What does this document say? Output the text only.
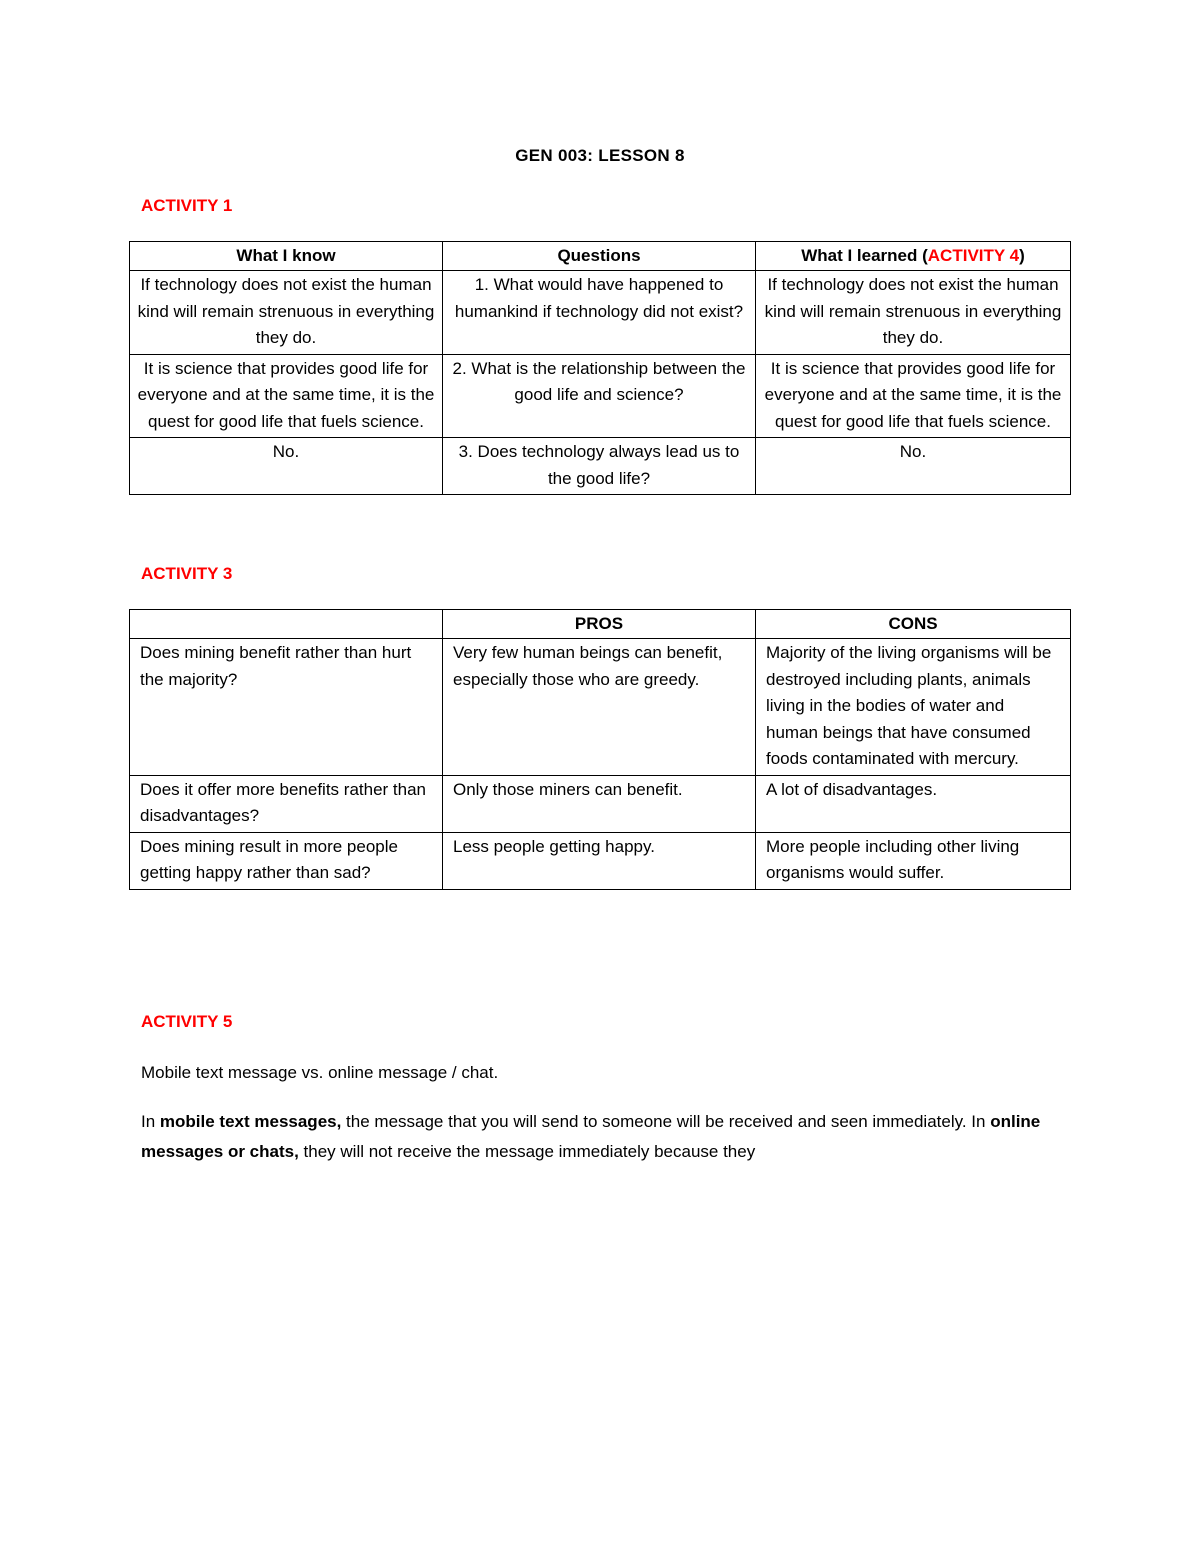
GEN 003: LESSON 8
ACTIVITY 1
What I know	Questions	What I learned (ACTIVITY 4)
If technology does not exist the human kind will remain strenuous in everything they do.	1. What would have happened to humankind if technology did not exist?	If technology does not exist the human kind will remain strenuous in everything they do.
It is science that provides good life for everyone and at the same time, it is the quest for good life that fuels science.	2. What is the relationship between the good life and science?	It is science that provides good life for everyone and at the same time, it is the quest for good life that fuels science.
No.	3. Does technology always lead us to the good life?	No.
ACTIVITY 3
	PROS	CONS
Does mining benefit rather than hurt the majority?	Very few human beings can benefit, especially those who are greedy.	Majority of the living organisms will be destroyed including plants, animals living in the bodies of water and human beings that have consumed foods contaminated with mercury.
Does it offer more benefits rather than disadvantages?	Only those miners can benefit.	A lot of disadvantages.
Does mining result in more people getting happy rather than sad?	Less people getting happy.	More people including other living organisms would suffer.
ACTIVITY 5
Mobile text message vs. online message / chat.
In mobile text messages, the message that you will send to someone will be received and seen immediately. In online messages or chats, they will not receive the message immediately because they
